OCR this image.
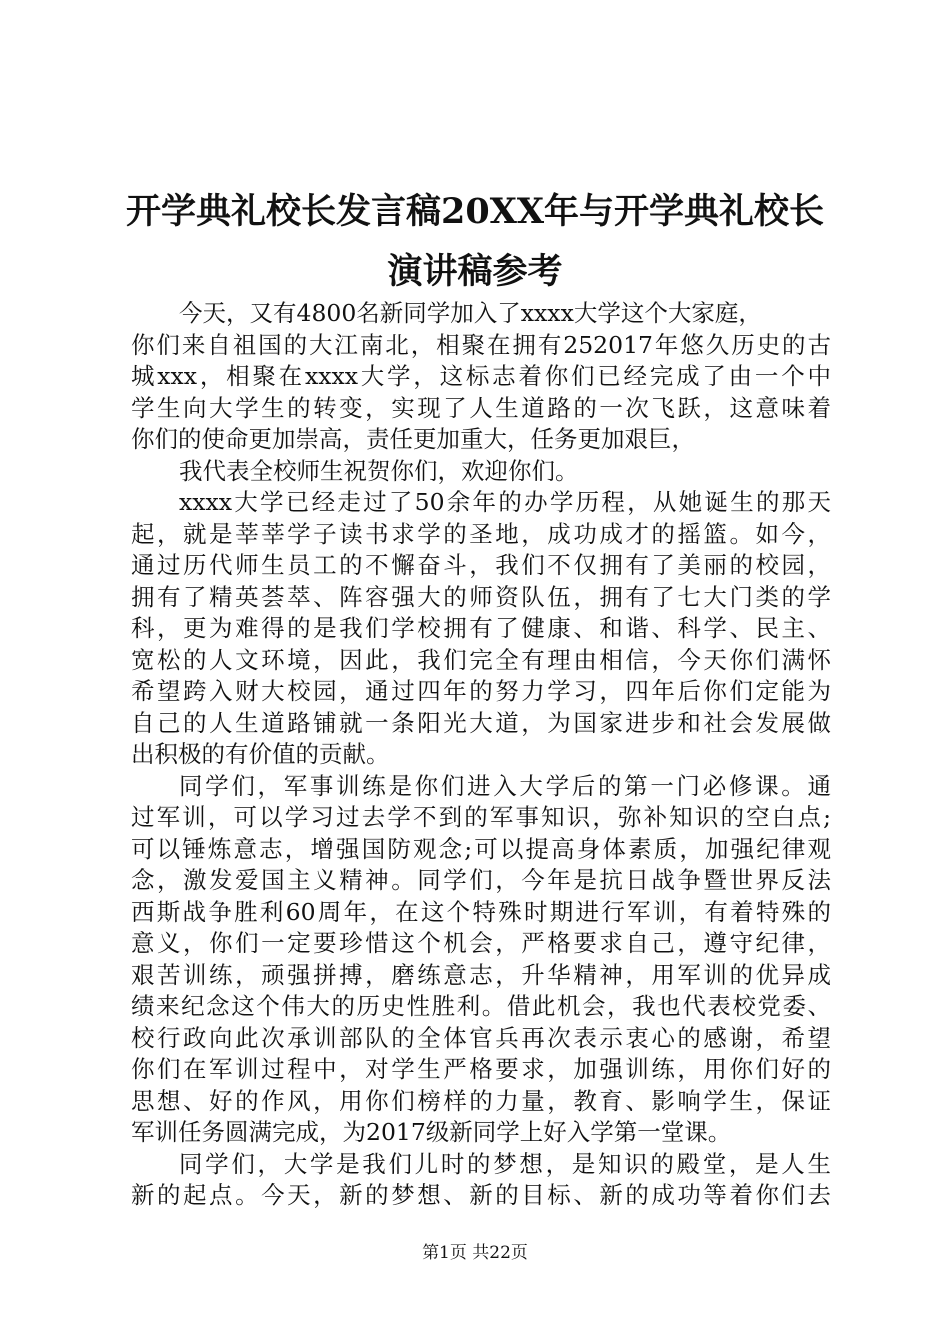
开学典礼校长发言稿20XX年与开学典礼校长
演讲稿参考
今天，又有4800名新同学加入了xxxx大学这个大家庭，
你们来自祖国的大江南北，相聚在拥有252017年悠久历史的古
城xxx，相聚在xxxx大学，这标志着你们已经完成了由一个中
学生向大学生的转变，实现了人生道路的一次飞跃，这意味着
你们的使命更加崇高，责任更加重大，任务更加艰巨，
我代表全校师生祝贺你们，欢迎你们。
xxxx大学已经走过了50余年的办学历程，从她诞生的那天
起，就是莘莘学子读书求学的圣地，成功成才的摇篮。如今，
通过历代师生员工的不懈奋斗，我们不仅拥有了美丽的校园，
拥有了精英荟萃、阵容强大的师资队伍，拥有了七大门类的学
科，更为难得的是我们学校拥有了健康、和谐、科学、民主、
宽松的人文环境，因此，我们完全有理由相信，今天你们满怀
希望跨入财大校园，通过四年的努力学习，四年后你们定能为
自己的人生道路铺就一条阳光大道，为国家进步和社会发展做
出积极的有价值的贡献。
同学们，军事训练是你们进入大学后的第一门必修课。通
过军训，可以学习过去学不到的军事知识，弥补知识的空白点;
可以锤炼意志，增强国防观念;可以提高身体素质，加强纪律观
念，激发爱国主义精神。同学们，今年是抗日战争暨世界反法
西斯战争胜利60周年，在这个特殊时期进行军训，有着特殊的
意义，你们一定要珍惜这个机会，严格要求自己，遵守纪律，
艰苦训练，顽强拼搏，磨练意志，升华精神，用军训的优异成
绩来纪念这个伟大的历史性胜利。借此机会，我也代表校党委、
校行政向此次承训部队的全体官兵再次表示衷心的感谢，希望
你们在军训过程中，对学生严格要求，加强训练，用你们好的
思想、好的作风，用你们榜样的力量，教育、影响学生，保证
军训任务圆满完成，为2017级新同学上好入学第一堂课。
同学们，大学是我们儿时的梦想，是知识的殿堂，是人生
新的起点。今天，新的梦想、新的目标、新的成功等着你们去
第1页 共22页
